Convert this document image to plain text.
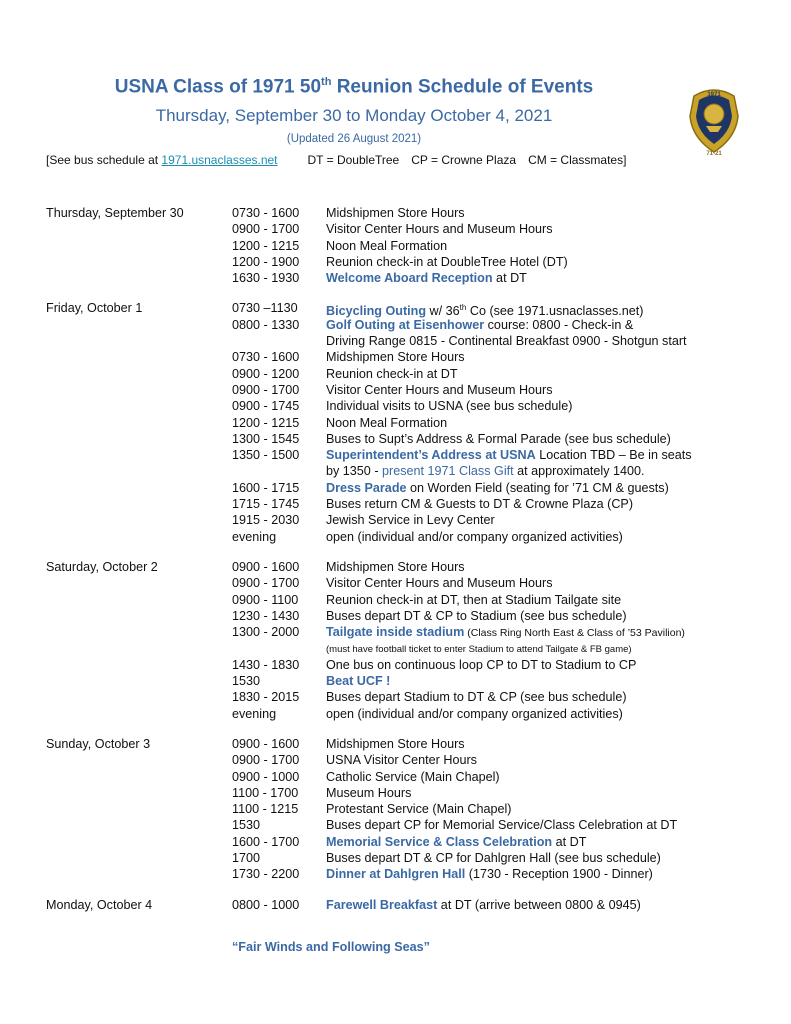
USNA Class of 1971 50th Reunion Schedule of Events
Thursday, September 30 to Monday October 4, 2021
(Updated 26 August 2021)
[See bus schedule at 1971.usnaclasses.net	DT = DoubleTree CP = Crowne Plaza CM = Classmates]
1971
71-21
Thursday, September 30	0730 - 1600 Midshipmen Store Hours
0900 - 1700 Visitor Center Hours and Museum Hours
1200 - 1215 Noon Meal Formation
1200 - 1900 Reunion check-in at DoubleTree Hotel (DT)
1630 - 1930 Welcome Aboard Reception at DT
Friday, October 1	0730 –1130 Bicycling Outing w/ 36th Co (see 1971.usnaclasses.net)
0800 - 1330 Golf Outing at Eisenhower course: 0800 - Check-in &
Driving Range 0815 - Continental Breakfast 0900 - Shotgun start
0730 - 1600 Midshipmen Store Hours
0900 - 1200 Reunion check-in at DT
0900 - 1700 Visitor Center Hours and Museum Hours
0900 - 1745 Individual visits to USNA (see bus schedule)
1200 - 1215 Noon Meal Formation
1300 - 1545 Buses to Supt’s Address & Formal Parade (see bus schedule)
1350 - 1500 Superintendent’s Address at USNA Location TBD – Be in seats
by 1350 - present 1971 Class Gift at approximately 1400.
1600 - 1715 Dress Parade on Worden Field (seating for ’71 CM & guests)
1715 - 1745 Buses return CM & Guests to DT & Crowne Plaza (CP)
1915 - 2030 Jewish Service in Levy Center
evening	open (individual and/or company organized activities)
Saturday, October 2	0900 - 1600 Midshipmen Store Hours
0900 - 1700 Visitor Center Hours and Museum Hours
0900 - 1100 Reunion check-in at DT, then at Stadium Tailgate site
1230 - 1430 Buses depart DT & CP to Stadium (see bus schedule)
1300 - 2000 Tailgate inside stadium (Class Ring North East & Class of ’53 Pavilion)
(must have football ticket to enter Stadium to attend Tailgate & FB game)
1430 - 1830 One bus on continuous loop CP to DT to Stadium to CP
1530	Beat UCF !
1830 - 2015 Buses depart Stadium to DT & CP (see bus schedule)
evening	open (individual and/or company organized activities)
Sunday, October 3	0900 - 1600 Midshipmen Store Hours
0900 - 1700 USNA Visitor Center Hours
0900 - 1000 Catholic Service (Main Chapel)
1100 - 1700 Museum Hours
1100 - 1215 Protestant Service (Main Chapel)
1530	Buses depart CP for Memorial Service/Class Celebration at DT
1600 - 1700 Memorial Service & Class Celebration at DT
1700	Buses depart DT & CP for Dahlgren Hall (see bus schedule)
1730 - 2200 Dinner at Dahlgren Hall (1730 - Reception 1900 - Dinner)
Monday, October 4	0800 - 1000 Farewell Breakfast at DT (arrive between 0800 & 0945)
“Fair Winds and Following Seas”
